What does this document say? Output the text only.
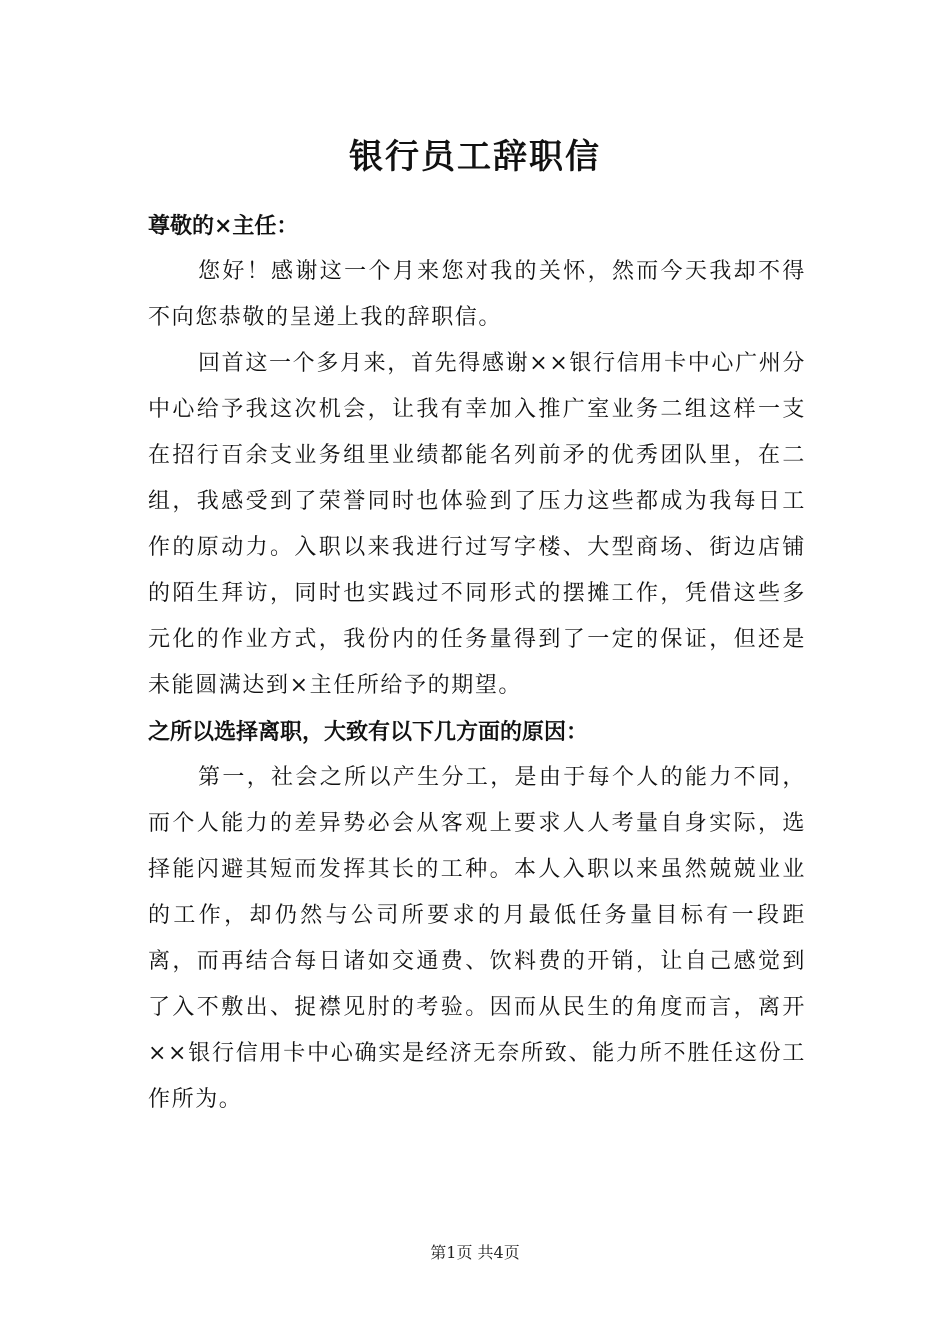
银行员工辞职信
尊敬的×主任：

您好！感谢这一个月来您对我的关怀，然而今天我却不得不向您恭敬的呈递上我的辞职信。

回首这一个多月来，首先得感谢××银行信用卡中心广州分中心给予我这次机会，让我有幸加入推广室业务二组这样一支在招行百余支业务组里业绩都能名列前矛的优秀团队里，在二组，我感受到了荣誉同时也体验到了压力这些都成为我每日工作的原动力。入职以来我进行过写字楼、大型商场、街边店铺的陌生拜访，同时也实践过不同形式的摆摊工作，凭借这些多元化的作业方式，我份内的任务量得到了一定的保证，但还是未能圆满达到×主任所给予的期望。

之所以选择离职，大致有以下几方面的原因：

第一，社会之所以产生分工，是由于每个人的能力不同，而个人能力的差异势必会从客观上要求人人考量自身实际，选择能闪避其短而发挥其长的工种。本人入职以来虽然兢兢业业的工作，却仍然与公司所要求的月最低任务量目标有一段距离，而再结合每日诸如交通费、饮料费的开销，让自己感觉到了入不敷出、捉襟见肘的考验。因而从民生的角度而言，离开××银行信用卡中心确实是经济无奈所致、能力所不胜任这份工作所为。

第1页 共4页
